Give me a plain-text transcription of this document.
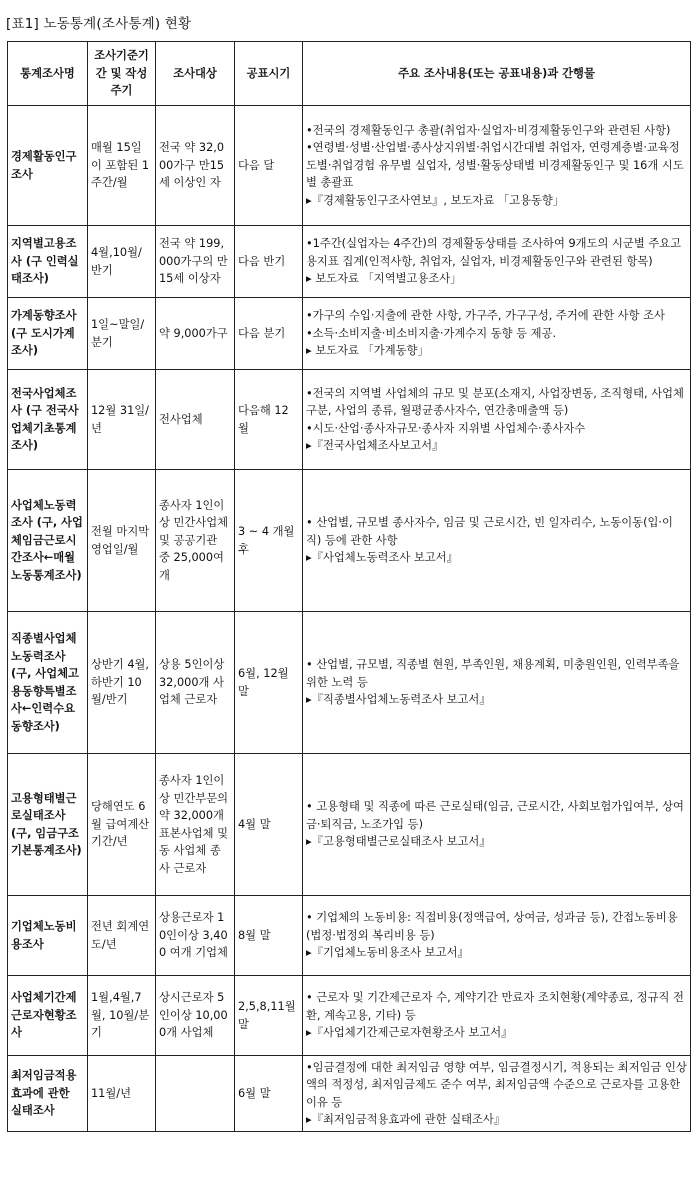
[표1] 노동통계(조사통계) 현황
통계조사명	조사기준기간 및 작성주기	조사대상	공표시기	주요 조사내용(또는 공표내용)과 간행물
경제활동인구조사	매월 15일이 포함된 1주간/월	전국 약 32,000가구 만15세 이상인 자	다음 달	•전국의 경제활동인구 총괄(취업자·실업자·비경제활동인구와 관련된 사항)
•연령별·성별·산업별·종사상지위별·취업시간대별 취업자, 연령계층별·교육정도별·취업경험 유무별 실업자, 성별·활동상태별 비경제활동인구 및 16개 시도별 총괄표
▸『경제활동인구조사연보』, 보도자료 「고용동향」

지역별고용조사 (구 인력실태조사)	4월,10월/반기	전국 약 199,000가구의 만15세 이상자	다음 반기	•1주간(실업자는 4주간)의 경제활동상태를 조사하여 9개도의 시군별 주요고용지표 집계(인적사항, 취업자, 실업자, 비경제활동인구와 관련된 항목)
▸ 보도자료 「지역별고용조사」

가계동향조사 (구 도시가계조사)	1일~말일/분기	약 9,000가구	다음 분기	•가구의 수입·지출에 관한 사항, 가구주, 가구구성, 주거에 관한 사항 조사
•소득·소비지출·비소비지출·가계수지 동향 등 제공.
▸ 보도자료 「가계동향」

전국사업체조사 (구 전국사업체기초통계조사)	12월 31일/년	전사업체	다음해 12월	•전국의 지역별 사업체의 규모 및 분포(소재지, 사업장변동, 조직형태, 사업체구분, 사업의 종류, 월평균종사자수, 연간총매출액 등)
•시도·산업·종사자규모·종사자 지위별 사업체수·종사자수
▸『전국사업체조사보고서』

사업체노동력조사 (구, 사업체임금근로시간조사←매월노동통계조사)	전월 마지막 영업일/월	종사자 1인이상 민간사업체 및 공공기관 중 25,000여 개	3 ~ 4 개월 후	• 산업별, 규모별 종사자수, 임금 및 근로시간, 빈 일자리수, 노동이동(입·이직) 등에 관한 사항
▸『사업체노동력조사 보고서』

직종별사업체노동력조사(구, 사업체고용동향특별조사←인력수요동향조사)	상반기 4월, 하반기 10월/반기	상용 5인이상 32,000개 사업체 근로자	6월, 12월 말	• 산업별, 규모별, 직종별 현원, 부족인원, 채용계획, 미충원인원, 인력부족을 위한 노력 등
▸『직종별사업체노동력조사 보고서』

고용형태별근로실태조사(구, 임금구조기본통계조사)	당해연도 6월 급여계산기간/년	종사자 1인이상 민간부문의 약 32,000개 표본사업체 및 동 사업체 종사 근로자	4월 말	• 고용형태 및 직종에 따른 근로실태(임금, 근로시간, 사회보험가입여부, 상여금·퇴직금, 노조가입 등)
▸『고용형태별근로실태조사 보고서』

기업체노동비용조사	전년 회계연도/년	상용근로자 10인이상 3,400 여개 기업체	8월 말	• 기업체의 노동비용: 직접비용(정액급여, 상여금, 성과금 등), 간접노동비용(법정·법정외 복리비용 등)
▸『기업체노동비용조사 보고서』

사업체기간제근로자현황조사	1월,4월,7월, 10월/분기	상시근로자 5인이상 10,000개 사업체	2,5,8,11월 말	• 근로자 및 기간제근로자 수, 계약기간 만료자 조치현황(계약종료, 정규직 전환, 계속고용, 기타) 등
▸『사업체기간제근로자현황조사 보고서』

최저임금적용효과에 관한 실태조사	11월/년		6월 말	•임금결정에 대한 최저임금 영향 여부, 임금결정시기, 적용되는 최저임금 인상액의 적정성, 최저임금제도 준수 여부, 최저임금액 수준으로 근로자를 고용한 이유 등
▸『최저임금적용효과에 관한 실태조사』
